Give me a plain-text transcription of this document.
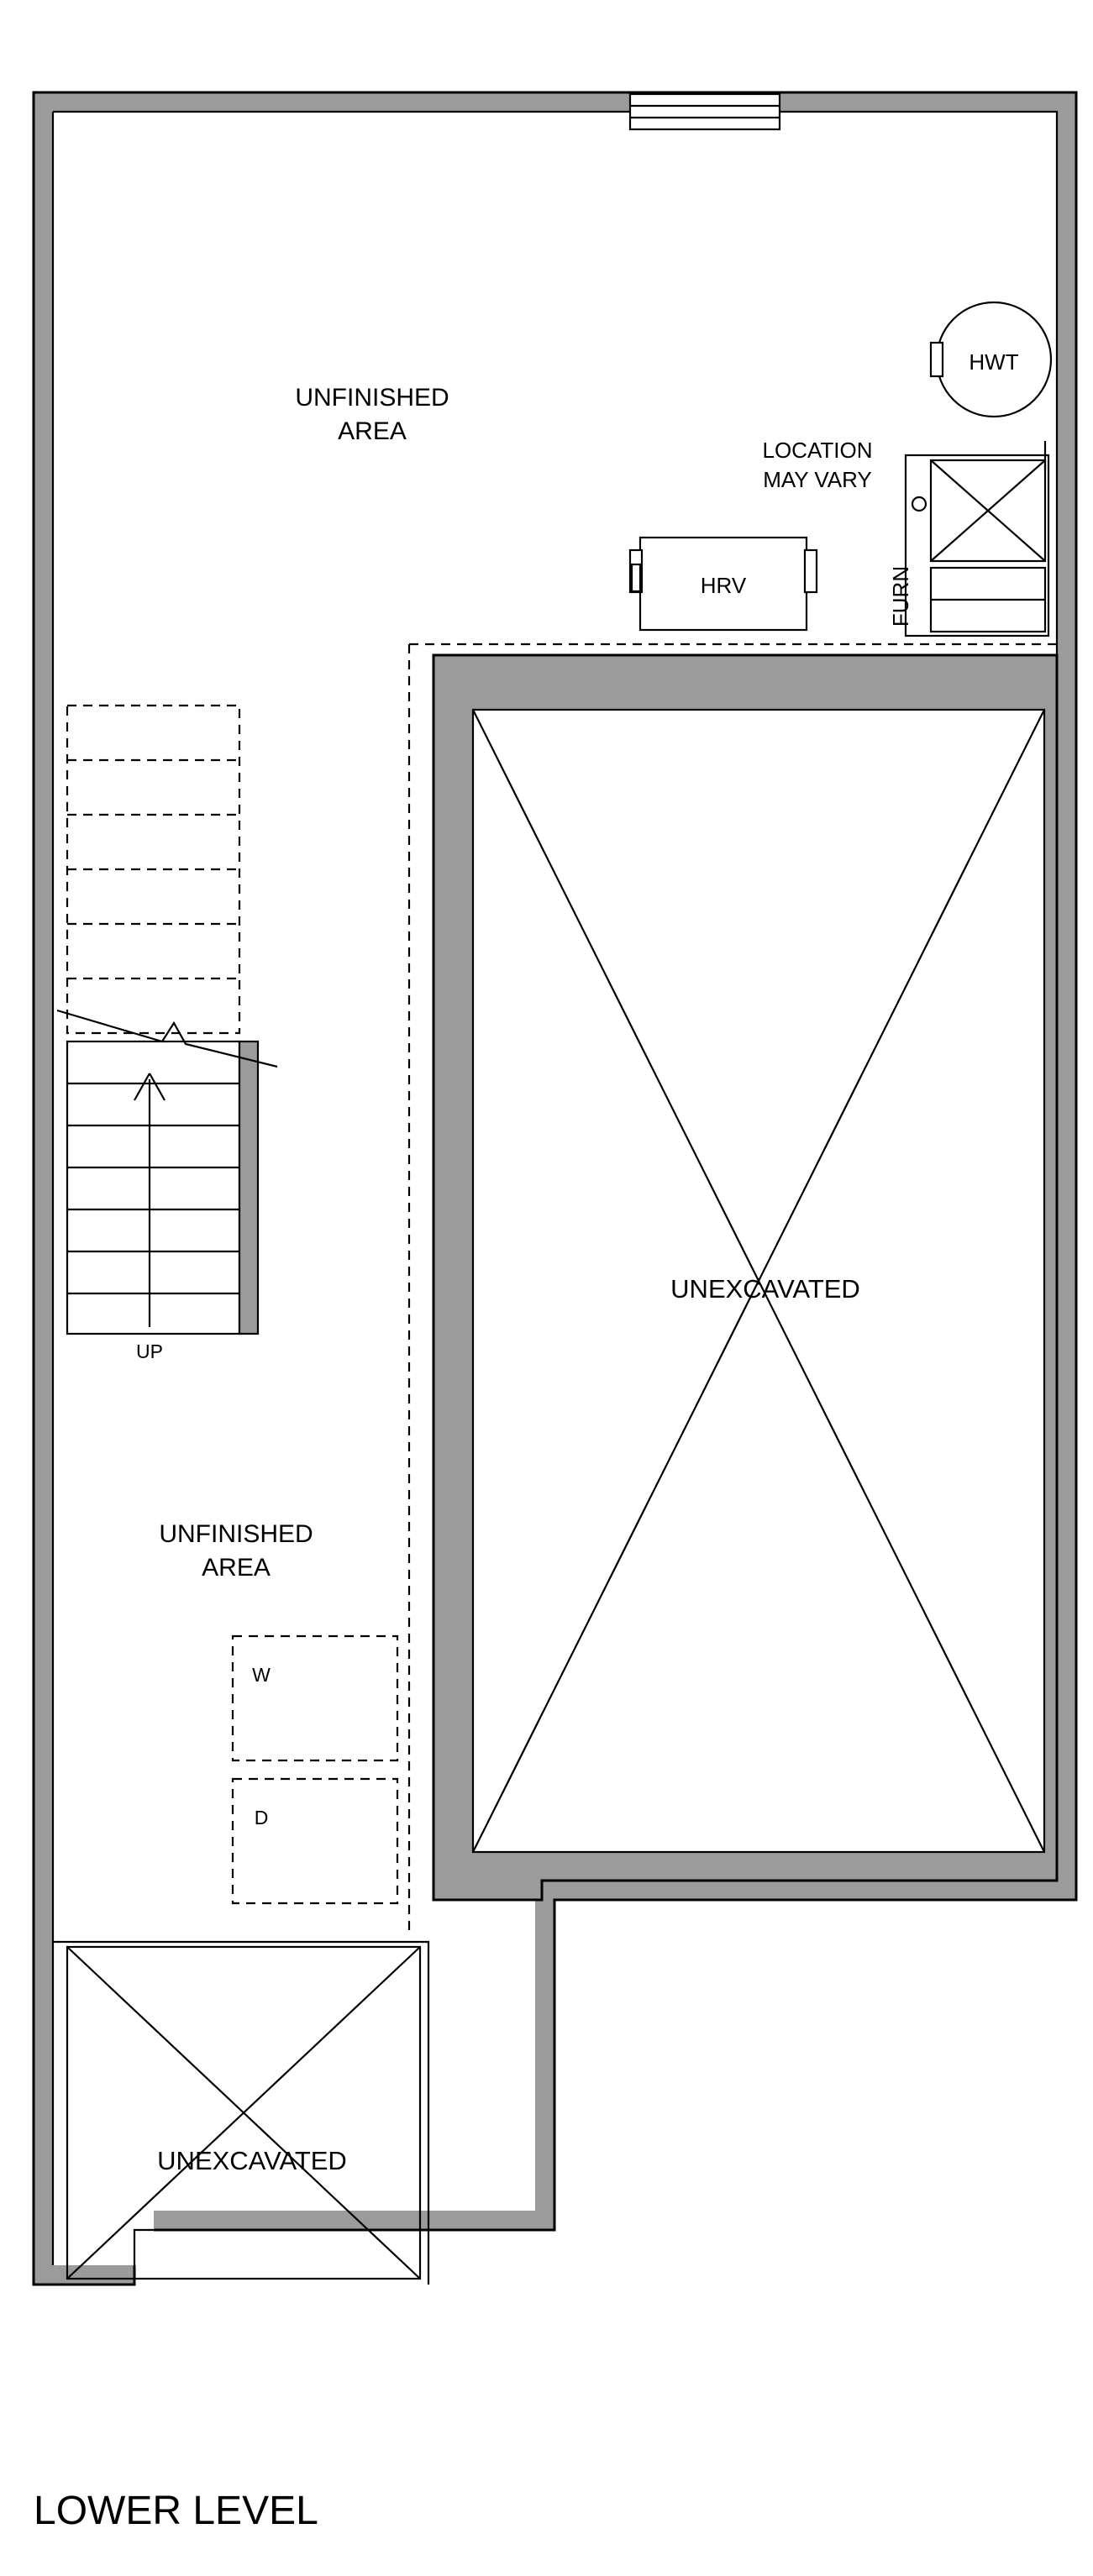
UP
W
D
HWT
FURN
HRV
LOCATION
MAY VARY
UNFINISHED
AREA
UNFINISHED
AREA
UNEXCAVATED
UNEXCAVATED
LOWER LEVEL
